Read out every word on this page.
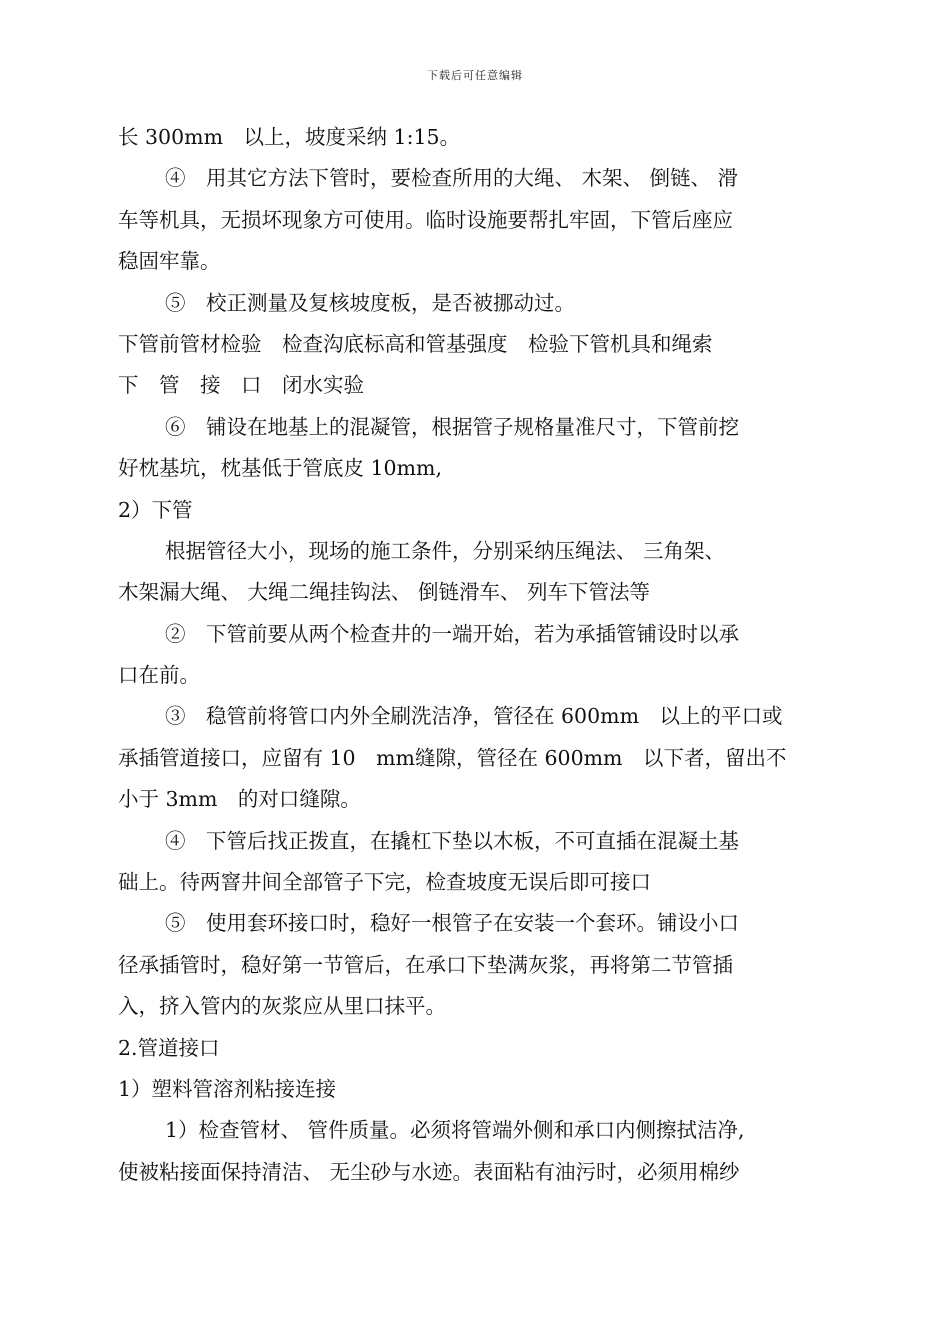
下载后可任意编辑
长 300mm　以上，坡度采纳 1:15。
④　用其它方法下管时，要检查所用的大绳、 木架、 倒链、 滑
车等机具，无损坏现象方可使用。临时设施要帮扎牢固，下管后座应
稳固牢靠。
⑤　校正测量及复核坡度板，是否被挪动过。
下管前管材检验　检查沟底标高和管基强度　检验下管机具和绳索
下　管　接　口　闭水实验
⑥　铺设在地基上的混凝管，根据管子规格量准尺寸，下管前挖
好枕基坑，枕基低于管底皮 10mm,
2）下管
根据管径大小，现场的施工条件，分别采纳压绳法、 三角架、
木架漏大绳、 大绳二绳挂钩法、 倒链滑车、 列车下管法等
②　下管前要从两个检查井的一端开始，若为承插管铺设时以承
口在前。
③　稳管前将管口内外全刷洗洁净，管径在 600mm　以上的平口或
承插管道接口，应留有 10　mm缝隙，管径在 600mm　以下者，留出不
小于 3mm　的对口缝隙。
④　下管后找正拨直，在撬杠下垫以木板，不可直插在混凝土基
础上。待两窨井间全部管子下完，检查坡度无误后即可接口
⑤　使用套环接口时，稳好一根管子在安装一个套环。铺设小口
径承插管时，稳好第一节管后，在承口下垫满灰浆，再将第二节管插
入，挤入管内的灰浆应从里口抹平。
2.管道接口
1）塑料管溶剂粘接连接
1）检查管材、 管件质量。必须将管端外侧和承口内侧擦拭洁净,
使被粘接面保持清洁、 无尘砂与水迹。表面粘有油污时，必须用棉纱
